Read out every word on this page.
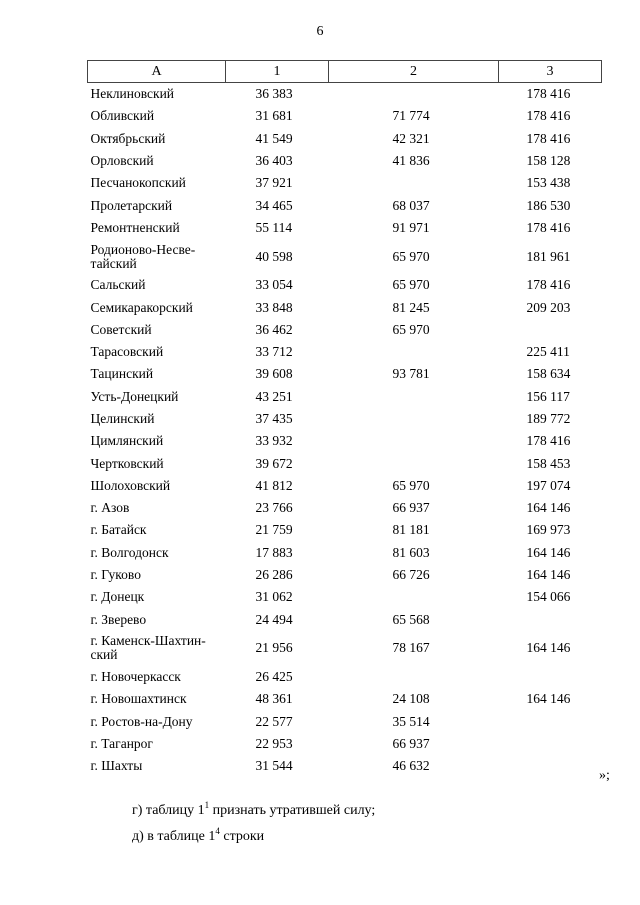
6
А	1	2	3
Неклиновский	36 383		178 416
Обливский	31 681	71 774	178 416
Октябрьский	41 549	42 321	178 416
Орловский	36 403	41 836	158 128
Песчанокопский	37 921		153 438
Пролетарский	34 465	68 037	186 530
Ремонтненский	55 114	91 971	178 416
Родионово-Несве-
тайский	40 598	65 970	181 961
Сальский	33 054	65 970	178 416
Семикаракорский	33 848	81 245	209 203
Советский	36 462	65 970	
Тарасовский	33 712		225 411
Тацинский	39 608	93 781	158 634
Усть-Донецкий	43 251		156 117
Целинский	37 435		189 772
Цимлянский	33 932		178 416
Чертковский	39 672		158 453
Шолоховский	41 812	65 970	197 074
г. Азов	23 766	66 937	164 146
г. Батайск	21 759	81 181	169 973
г. Волгодонск	17 883	81 603	164 146
г. Гуково	26 286	66 726	164 146
г. Донецк	31 062		154 066
г. Зверево	24 494	65 568	
г. Каменск-Шахтин-
ский	21 956	78 167	164 146
г. Новочеркасск	26 425		
г. Новошахтинск	48 361	24 108	164 146
г. Ростов-на-Дону	22 577	35 514	
г. Таганрог	22 953	66 937	
г. Шахты	31 544	46 632	
»;
г) таблицу $1^1$ признать утратившей силу;
д) в таблице $1^4$ строки
